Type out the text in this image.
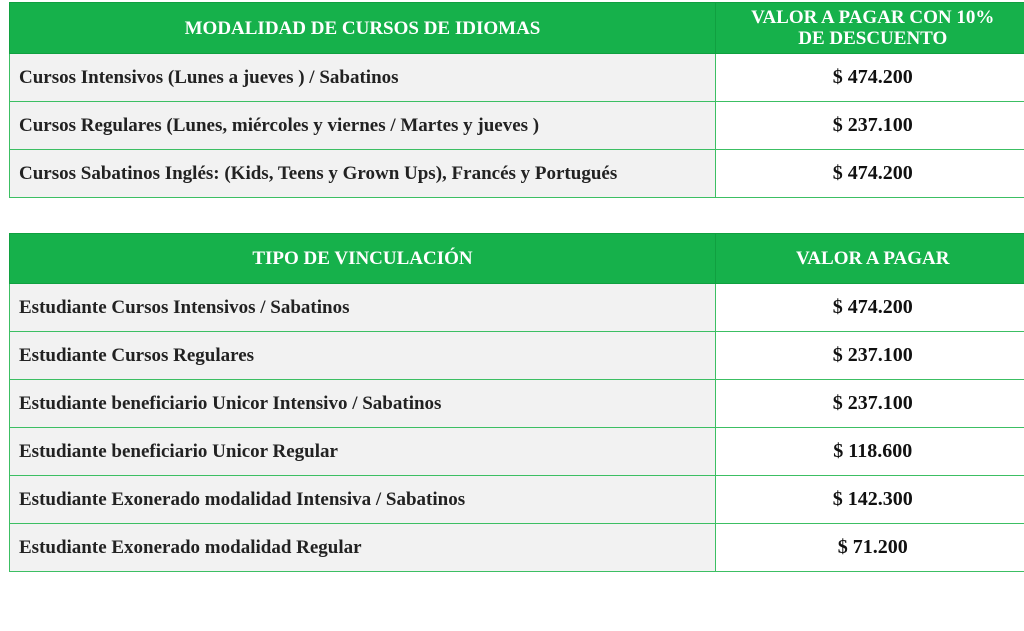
MODALIDAD DE CURSOS DE IDIOMAS	VALOR A PAGAR CON 10%
DE DESCUENTO
Cursos Intensivos (Lunes a jueves ) / Sabatinos	$ 474.200
Cursos Regulares (Lunes, miércoles y viernes / Martes y jueves )	$ 237.100
Cursos Sabatinos Inglés: (Kids, Teens y Grown Ups), Francés y Portugués	$ 474.200
TIPO DE VINCULACIÓN	VALOR A PAGAR
Estudiante Cursos Intensivos / Sabatinos	$ 474.200
Estudiante Cursos Regulares	$ 237.100
Estudiante beneficiario Unicor Intensivo / Sabatinos	$ 237.100
Estudiante beneficiario Unicor Regular	$ 118.600
Estudiante Exonerado modalidad Intensiva / Sabatinos	$ 142.300
Estudiante Exonerado modalidad Regular	$ 71.200
